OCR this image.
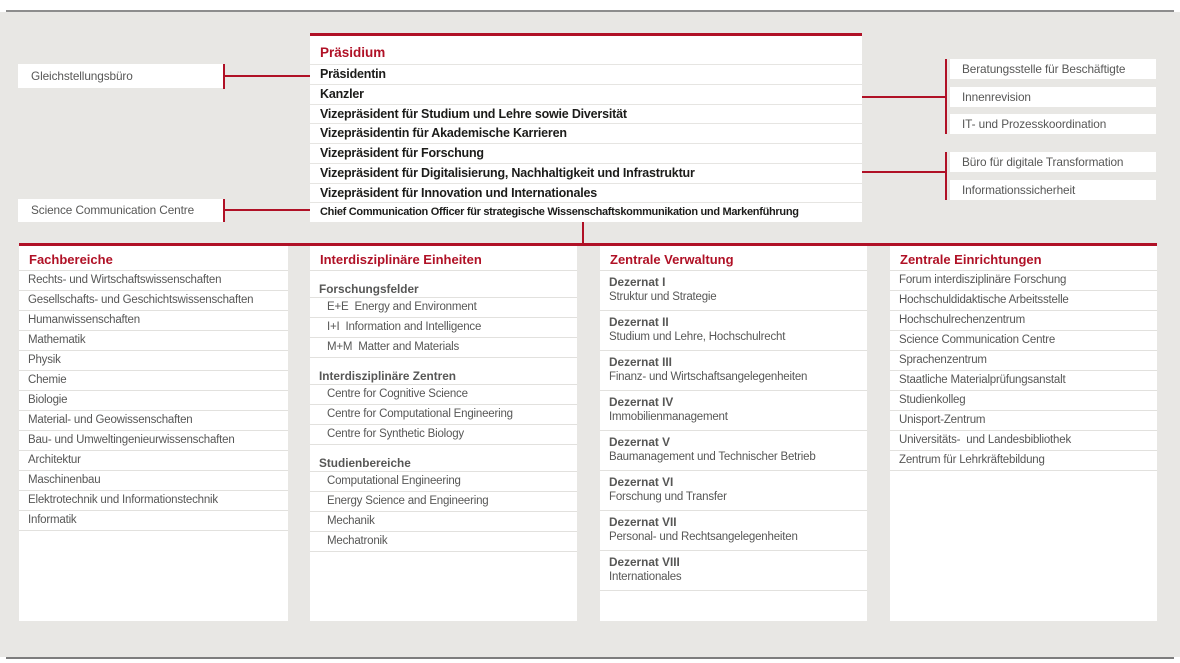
Präsidium
Präsidentin
Kanzler
Vizepräsident für Studium und Lehre sowie Diversität
Vizepräsidentin für Akademische Karrieren
Vizepräsident für Forschung
Vizepräsident für Digitalisierung, Nachhaltigkeit und Infrastruktur
Vizepräsident für Innovation und Internationales
Chief Communication Officer für strategische Wissenschaftskommunikation und Markenführung
Gleichstellungsbüro
Science Communication Centre
Beratungsstelle für Beschäftigte
Innenrevision
IT- und Prozesskoordination
Büro für digitale Transformation
Informationssicherheit
Fachbereiche
Rechts- und Wirtschaftswissenschaften
Gesellschafts- und Geschichtswissenschaften
Humanwissenschaften
Mathematik
Physik
Chemie
Biologie
Material- und Geowissenschaften
Bau- und Umweltingenieurwissenschaften
Architektur
Maschinenbau
Elektrotechnik und Informationstechnik
Informatik
Interdisziplinäre Einheiten
Forschungsfelder
E+E  Energy and Environment
I+I  Information and Intelligence
M+M  Matter and Materials
Interdisziplinäre Zentren
Centre for Cognitive Science
Centre for Computational Engineering
Centre for Synthetic Biology
Studienbereiche
Computational Engineering
Energy Science and Engineering
Mechanik
Mechatronik
Zentrale Verwaltung
Dezernat I
Struktur und Strategie
Dezernat II
Studium und Lehre, Hochschulrecht
Dezernat III
Finanz- und Wirtschaftsangelegenheiten
Dezernat IV
Immobilienmanagement
Dezernat V
Baumanagement und Technischer Betrieb
Dezernat VI
Forschung und Transfer
Dezernat VII
Personal- und Rechtsangelegenheiten
Dezernat VIII
Internationales
Zentrale Einrichtungen
Forum interdisziplinäre Forschung
Hochschuldidaktische Arbeitsstelle
Hochschulrechenzentrum
Science Communication Centre
Sprachenzentrum
Staatliche Materialprüfungsanstalt
Studienkolleg
Unisport-Zentrum
Universitäts-  und Landesbibliothek
Zentrum für Lehrkräftebildung
